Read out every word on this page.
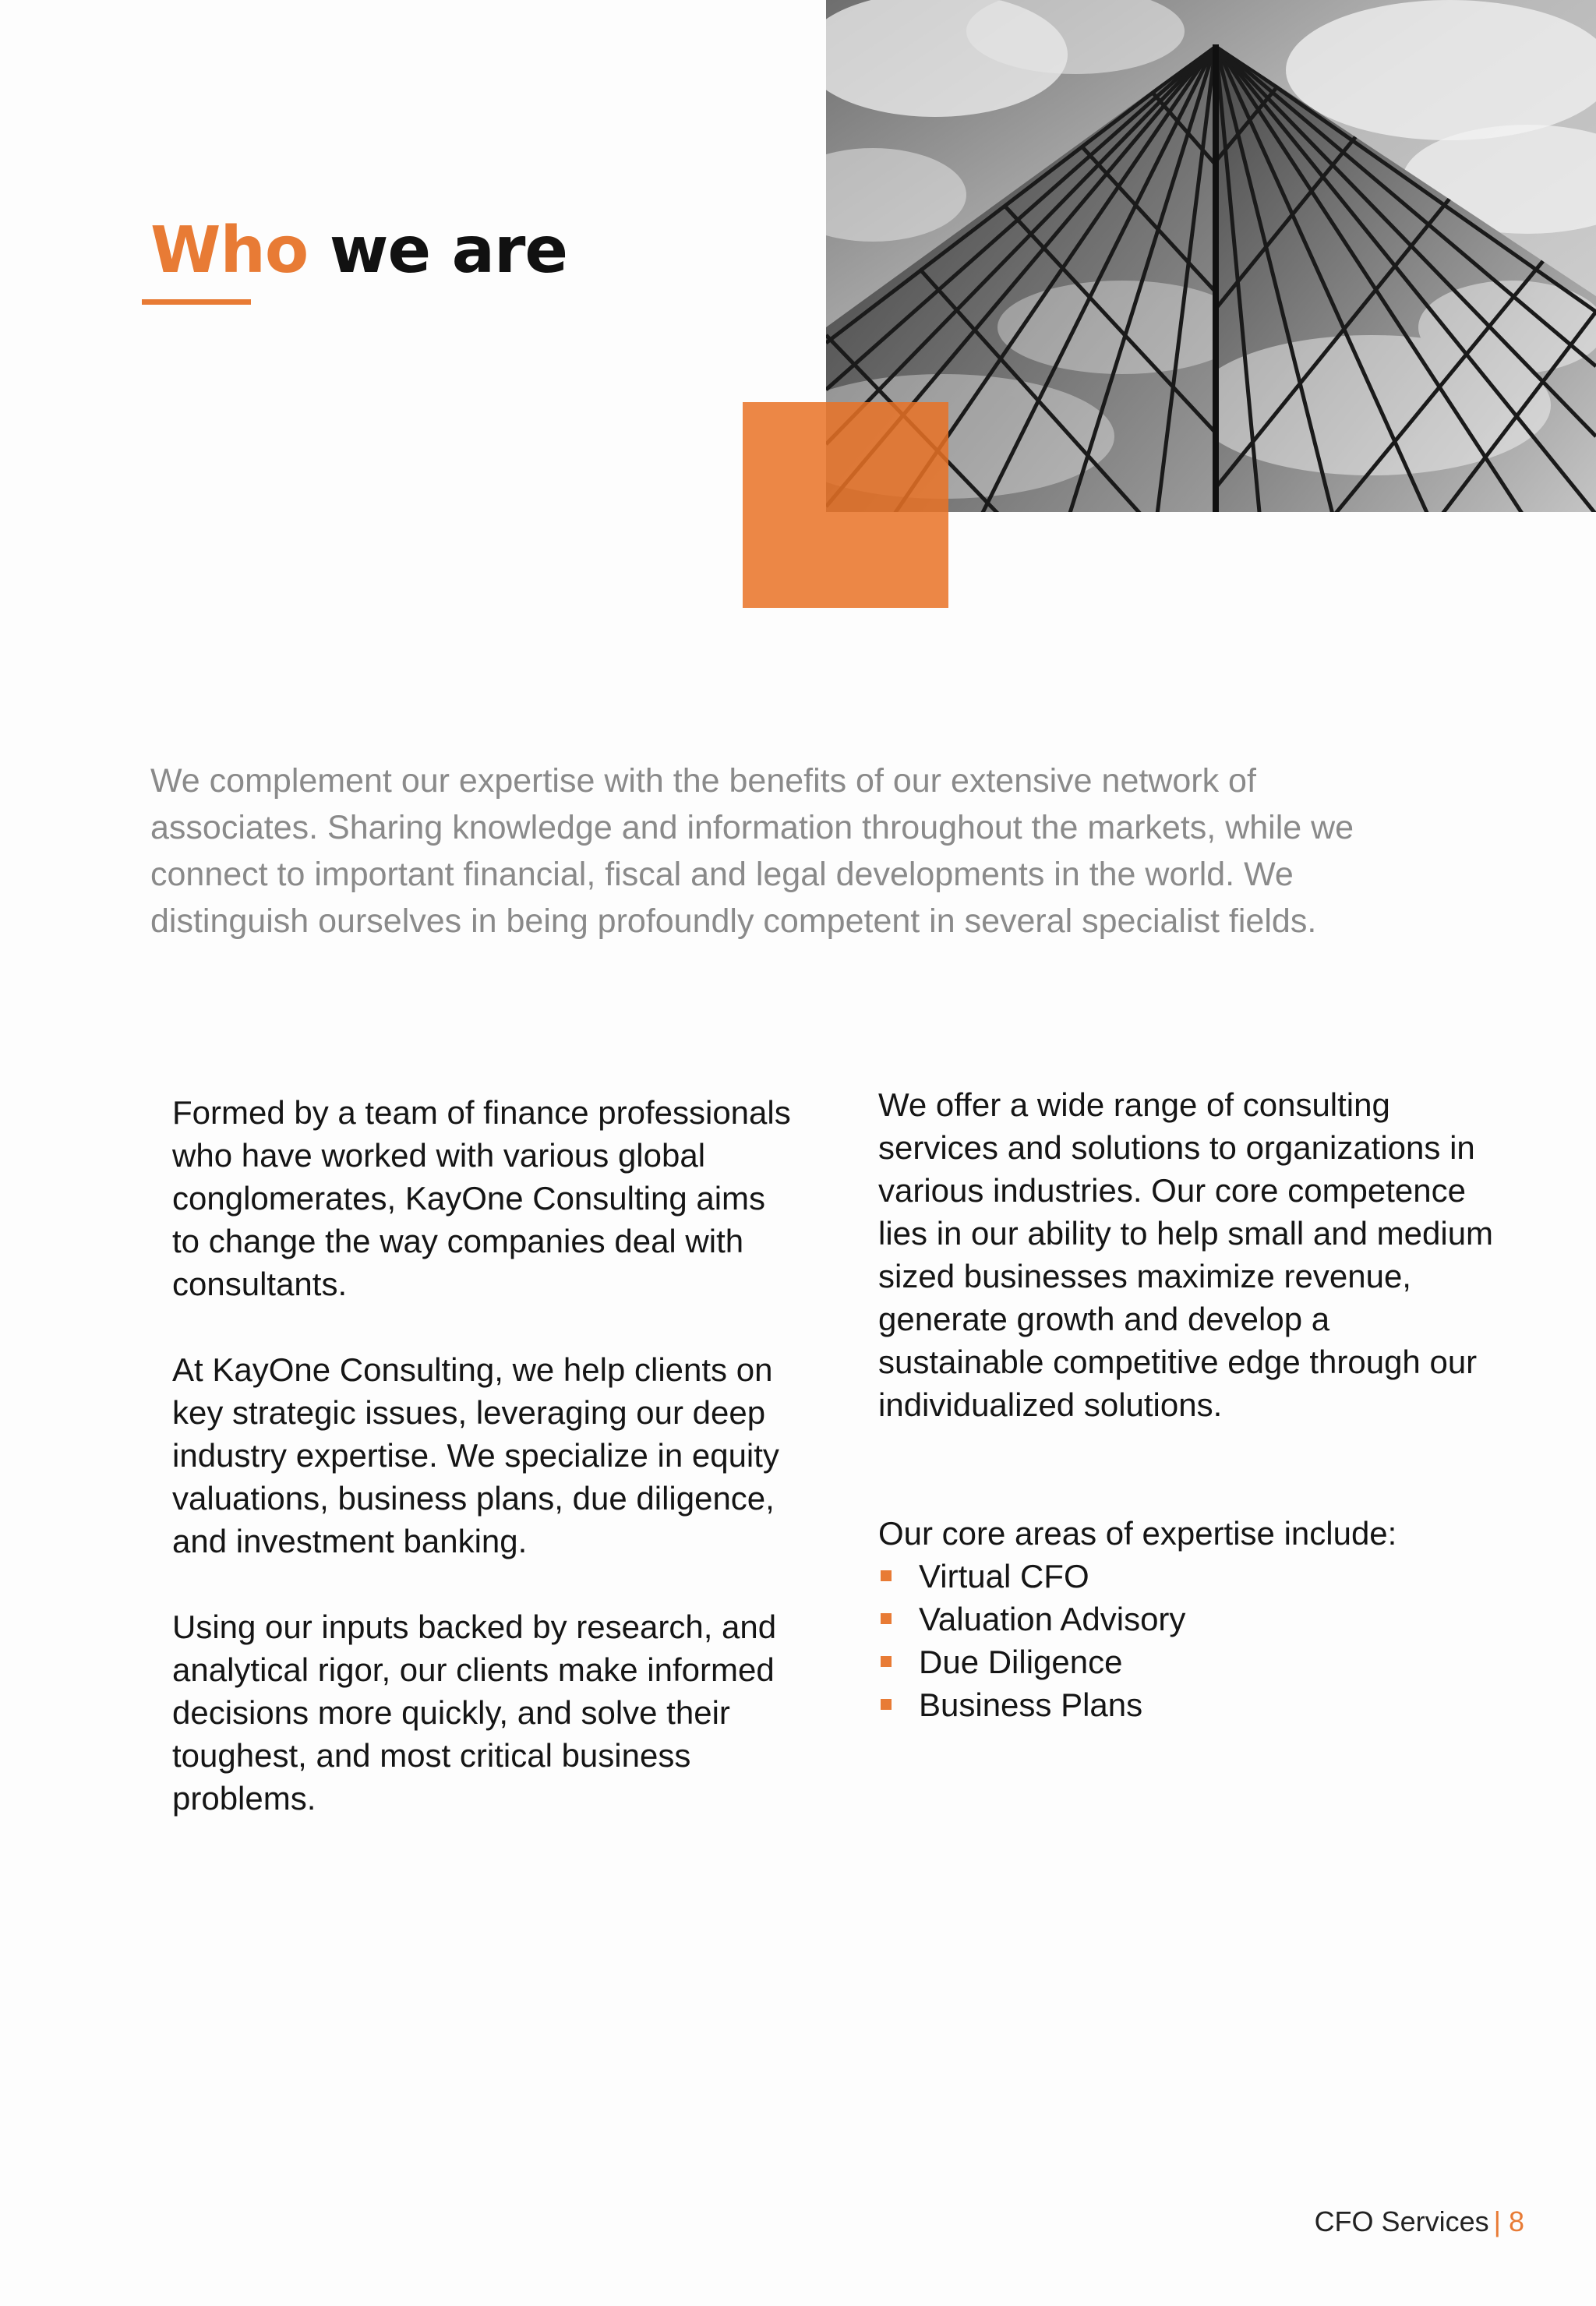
Who we are

We complement our expertise with the benefits of our extensive network of associates. Sharing knowledge and information throughout the markets, while we connect to important financial, fiscal and legal developments in the world. We distinguish ourselves in being profoundly competent in several specialist fields.

Formed by a team of finance professionals who have worked with various global conglomerates, KayOne Consulting aims to change the way companies deal with consultants.

At KayOne Consulting, we help clients on key strategic issues, leveraging our deep industry expertise. We specialize in equity valuations, business plans, due diligence, and investment banking.

Using our inputs backed by research, and analytical rigor, our clients make informed decisions more quickly, and solve their toughest, and most critical business problems.

We offer a wide range of consulting services and solutions to organizations in various industries. Our core competence lies in our ability to help small and medium sized businesses maximize revenue, generate growth and develop a sustainable competitive edge through our individualized solutions.

Our core areas of expertise include:

Virtual CFO
Valuation Advisory
Due Diligence
Business Plans
CFO Services | 8
